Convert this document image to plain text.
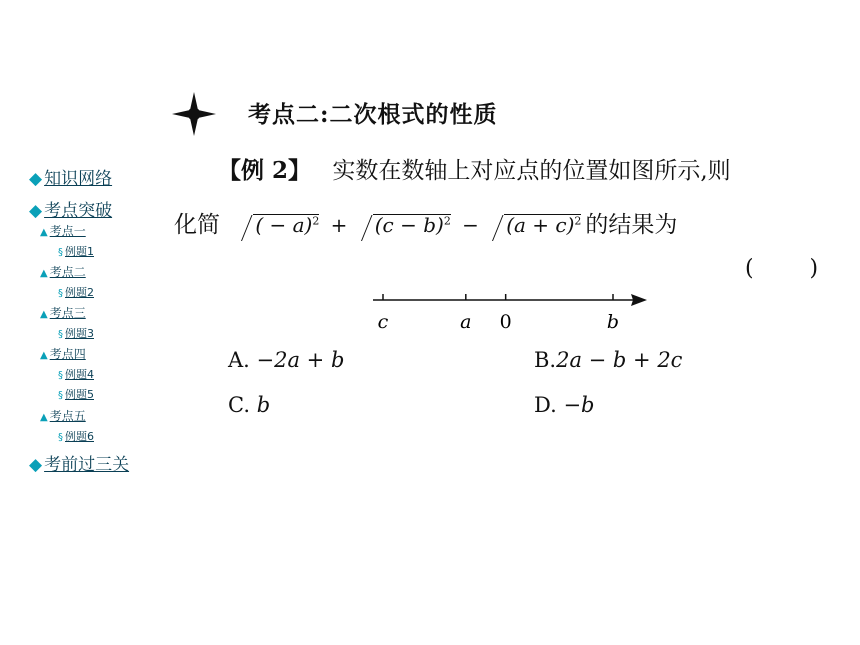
◆ 知识网络
◆ 考点突破
▲ 考点一
§ 例题1
▲ 考点二
§ 例题2
▲ 考点三
§ 例题3
▲ 考点四
§ 例题4
§ 例题5
▲ 考点五
§ 例题6
◆ 考前过三关
考点二:二次根式的性质
【例 2】 实数在数轴上对应点的位置如图所示,则
化简 ( − $a)^2 + (c - b)^2 - (a + c)^2$ 的结果为
(        )
c	a 0	b
A. −2a + b	B.2a − b + 2c
C. b	D. −b
